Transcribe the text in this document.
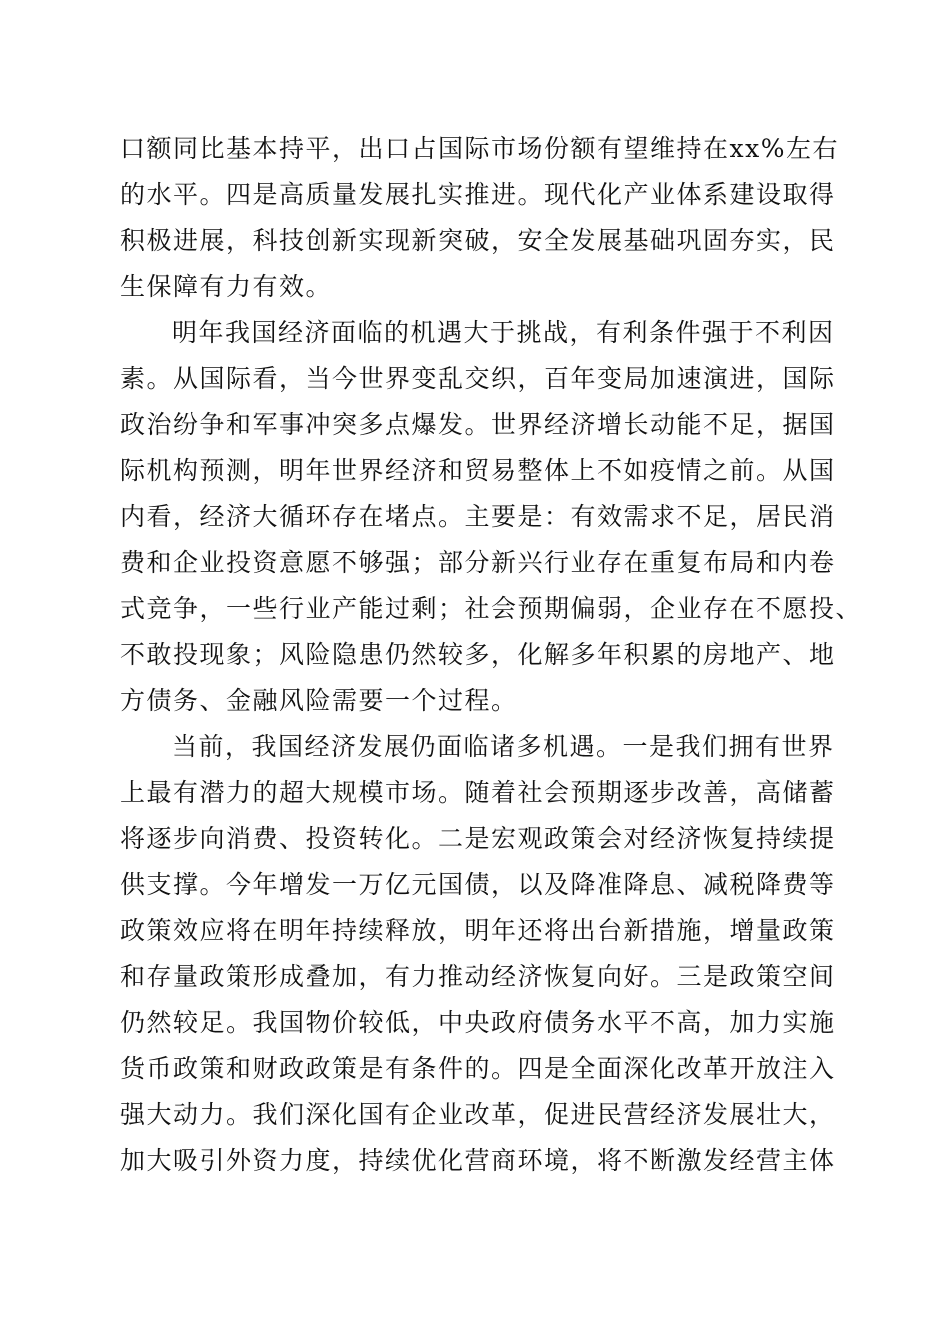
口额同比基本持平，出口占国际市场份额有望维持在xx%左右
的水平。四是高质量发展扎实推进。现代化产业体系建设取得
积极进展，科技创新实现新突破，安全发展基础巩固夯实，民
生保障有力有效。
明年我国经济面临的机遇大于挑战，有利条件强于不利因
素。从国际看，当今世界变乱交织，百年变局加速演进，国际
政治纷争和军事冲突多点爆发。世界经济增长动能不足，据国
际机构预测，明年世界经济和贸易整体上不如疫情之前。从国
内看，经济大循环存在堵点。主要是：有效需求不足，居民消
费和企业投资意愿不够强；部分新兴行业存在重复布局和内卷
式竞争，一些行业产能过剩；社会预期偏弱，企业存在不愿投、
不敢投现象；风险隐患仍然较多，化解多年积累的房地产、地
方债务、金融风险需要一个过程。
当前，我国经济发展仍面临诸多机遇。一是我们拥有世界
上最有潜力的超大规模市场。随着社会预期逐步改善，高储蓄
将逐步向消费、投资转化。二是宏观政策会对经济恢复持续提
供支撑。今年增发一万亿元国债，以及降准降息、减税降费等
政策效应将在明年持续释放，明年还将出台新措施，增量政策
和存量政策形成叠加，有力推动经济恢复向好。三是政策空间
仍然较足。我国物价较低，中央政府债务水平不高，加力实施
货币政策和财政政策是有条件的。四是全面深化改革开放注入
强大动力。我们深化国有企业改革，促进民营经济发展壮大，
加大吸引外资力度，持续优化营商环境，将不断激发经营主体
